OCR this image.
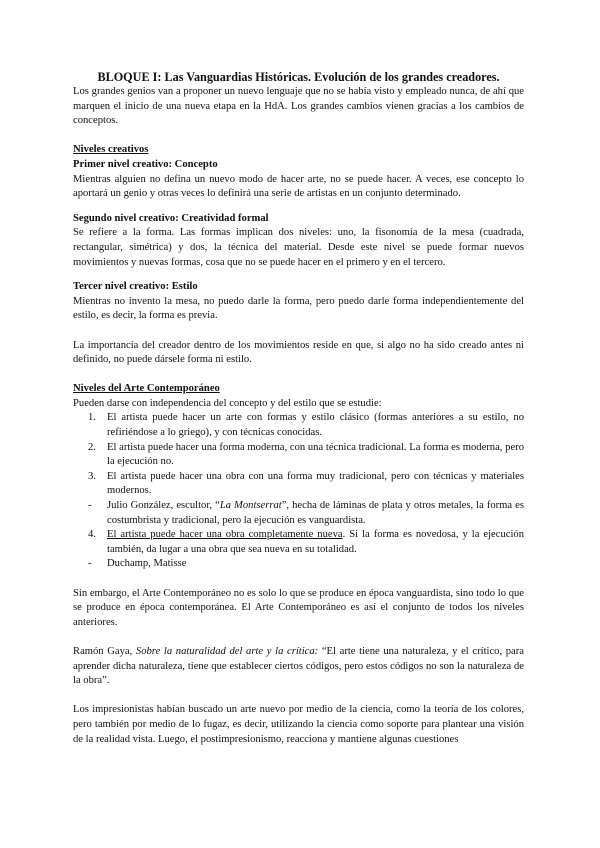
BLOQUE I: Las Vanguardias Históricas. Evolución de los grandes creadores.

Los grandes genios van a proponer un nuevo lenguaje que no se había visto y empleado nunca, de ahí que marquen el inicio de una nueva etapa en la HdA. Los grandes cambios vienen gracias a los cambios de conceptos.

Niveles creativos
Primer nivel creativo: Concepto

Mientras alguien no defina un nuevo modo de hacer arte, no se puede hacer. A veces, ese concepto lo aportará un genio y otras veces lo definirá una serie de artistas en un conjunto determinado.

Segundo nivel creativo: Creatividad formal

Se refiere a la forma. Las formas implican dos niveles: uno, la fisonomía de la mesa (cuadrada, rectangular, simétrica) y dos, la técnica del material. Desde este nivel se puede formar nuevos movimientos y nuevas formas, cosa que no se puede hacer en el primero y en el tercero.

Tercer nivel creativo: Estilo

Mientras no invento la mesa, no puedo darle la forma, pero puedo darle forma independientemente del estilo, es decir, la forma es previa.

La importancia del creador dentro de los movimientos reside en que, si algo no ha sido creado antes ni definido, no puede dársele forma ni estilo.

Niveles del Arte Contemporáneo

Pueden darse con independencia del concepto y del estilo que se estudie:

1.	El artista puede hacer un arte con formas y estilo clásico (formas anteriores a su estilo, no refiriéndose a lo griego), y con técnicas conocidas.
2.	El artista puede hacer una forma moderna, con una técnica tradicional. La forma es moderna, pero la ejecución no.
3.	El artista puede hacer una obra con una forma muy tradicional, pero con técnicas y materiales modernos.
-	Julio González, escultor, “La Montserrat”, hecha de láminas de plata y otros metales, la forma es costumbrista y tradicional, pero la ejecución es vanguardista.
4.	El artista puede hacer una obra completamente nueva. Si la forma es novedosa, y la ejecución también, da lugar a una obra que sea nueva en su totalidad.
-	Duchamp, Matisse

Sin embargo, el Arte Contemporáneo no es solo lo que se produce en época vanguardista, sino todo lo que se produce en época contemporánea. El Arte Contemporáneo es así el conjunto de todos los niveles anteriores.

Ramón Gaya, Sobre la naturalidad del arte y la crítica: “El arte tiene una naturaleza, y el crítico, para aprender dicha naturaleza, tiene que establecer ciertos códigos, pero estos códigos no son la naturaleza de la obra”.

Los impresionistas habían buscado un arte nuevo por medio de la ciencia, como la teoría de los colores, pero también por medio de lo fugaz, es decir, utilizando la ciencia como soporte para plantear una visión de la realidad vista. Luego, el postimpresionismo, reacciona y mantiene algunas cuestiones
